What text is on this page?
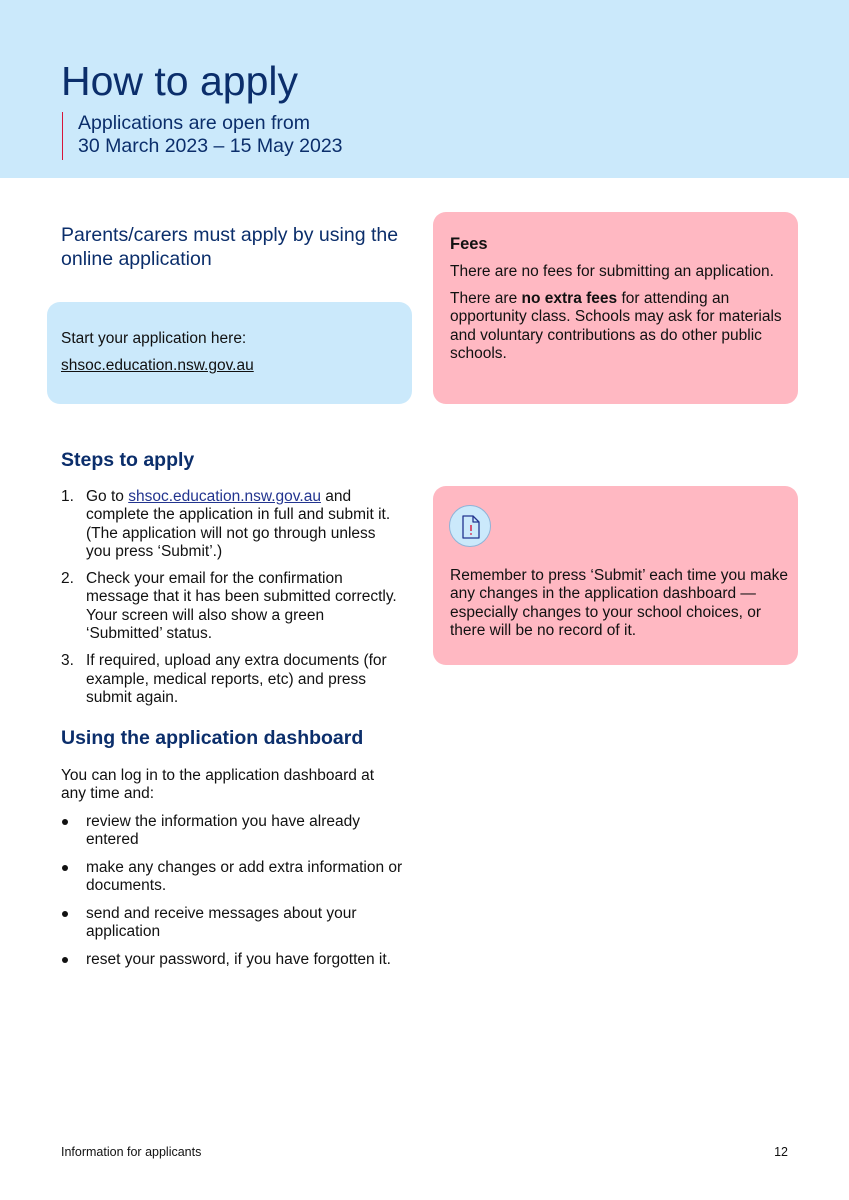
How to apply
Applications are open from
30 March 2023 – 15 May 2023
Parents/carers must apply by using the online application

Start your application here:

shsoc.education.nsw.gov.au

Fees

There are no fees for submitting an application.

There are no extra fees for attending an opportunity class. Schools may ask for materials and voluntary contributions as do other public schools.

Steps to apply
1. Go to shsoc.education.nsw.gov.au and complete the application in full and submit it. (The application will not go through unless you press ‘Submit’.)
2. Check your email for the confirmation message that it has been submitted correctly. Your screen will also show a green ‘Submitted’ status.
3. If required, upload any extra documents (for example, medical reports, etc) and press submit again.

Remember to press ‘Submit’ each time you make any changes in the application dashboard — especially changes to your school choices, or there will be no record of it.

Using the application dashboard

You can log in to the application dashboard at any time and:

review the information you have already entered
make any changes or add extra information or documents.
send and receive messages about your application
reset your password, if you have forgotten it.
Information for applicants	12
